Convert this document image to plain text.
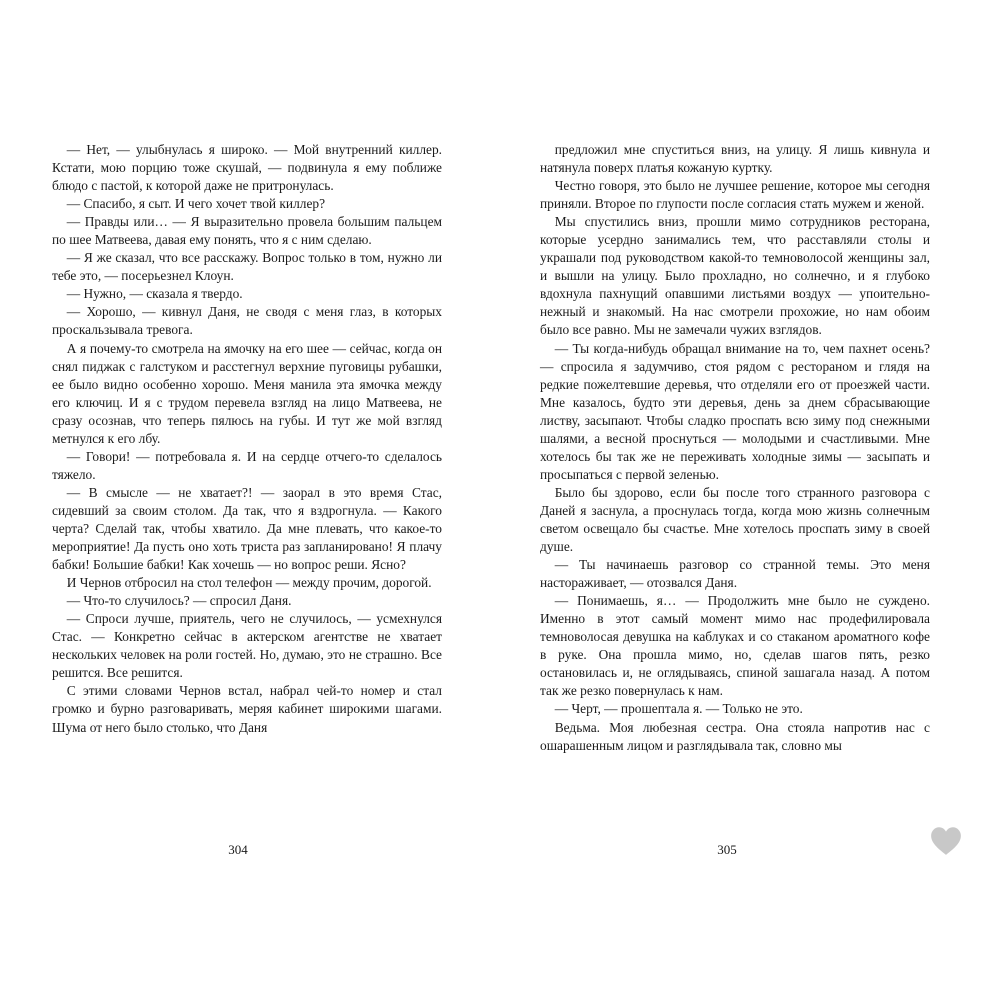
— Нет, — улыбнулась я широко. — Мой внутренний киллер. Кстати, мою порцию тоже скушай, — подвинула я ему поближе блюдо с пастой, к которой даже не притронулась.

— Спасибо, я сыт. И чего хочет твой киллер?

— Правды или… — Я выразительно провела большим пальцем по шее Матвеева, давая ему понять, что я с ним сделаю.

— Я же сказал, что все расскажу. Вопрос только в том, нужно ли тебе это, — посерьезнел Клоун.

— Нужно, — сказала я твердо.

— Хорошо, — кивнул Даня, не сводя с меня глаз, в которых проскальзывала тревога.

А я почему-то смотрела на ямочку на его шее — сейчас, когда он снял пиджак с галстуком и расстегнул верхние пуговицы рубашки, ее было видно особенно хорошо. Меня манила эта ямочка между его ключиц. И я с трудом перевела взгляд на лицо Матвеева, не сразу осознав, что теперь пялюсь на губы. И тут же мой взгляд метнулся к его лбу.

— Говори! — потребовала я. И на сердце отчего-то сделалось тяжело.

— В смысле — не хватает?! — заорал в это время Стас, сидевший за своим столом. Да так, что я вздрогнула. — Какого черта? Сделай так, чтобы хватило. Да мне плевать, что какое-то мероприятие! Да пусть оно хоть триста раз запланировано! Я плачу бабки! Большие бабки! Как хочешь — но вопрос реши. Ясно?

И Чернов отбросил на стол телефон — между прочим, дорогой.

— Что-то случилось? — спросил Даня.

— Спроси лучше, приятель, чего не случилось, — усмехнулся Стас. — Конкретно сейчас в актерском агентстве не хватает нескольких человек на роли гостей. Но, думаю, это не страшно. Все решится. Все решится.

С этими словами Чернов встал, набрал чей-то номер и стал громко и бурно разговаривать, меряя кабинет широкими шагами. Шума от него было столько, что Даня

304

предложил мне спуститься вниз, на улицу. Я лишь кивнула и натянула поверх платья кожаную куртку.

Честно говоря, это было не лучшее решение, которое мы сегодня приняли. Второе по глупости после согласия стать мужем и женой.

Мы спустились вниз, прошли мимо сотрудников ресторана, которые усердно занимались тем, что расставляли столы и украшали под руководством какой-то темноволосой женщины зал, и вышли на улицу. Было прохладно, но солнечно, и я глубоко вдохнула пахнущий опавшими листьями воздух — упоительно-нежный и знакомый. На нас смотрели прохожие, но нам обоим было все равно. Мы не замечали чужих взглядов.

— Ты когда-нибудь обращал внимание на то, чем пахнет осень? — спросила я задумчиво, стоя рядом с рестораном и глядя на редкие пожелтевшие деревья, что отделяли его от проезжей части. Мне казалось, будто эти деревья, день за днем сбрасывающие листву, засыпают. Чтобы сладко проспать всю зиму под снежными шалями, а весной проснуться — молодыми и счастливыми. Мне хотелось бы так же не переживать холодные зимы — засыпать и просыпаться с первой зеленью.

Было бы здорово, если бы после того странного разговора с Даней я заснула, а проснулась тогда, когда мою жизнь солнечным светом освещало бы счастье. Мне хотелось проспать зиму в своей душе.

— Ты начинаешь разговор со странной темы. Это меня настораживает, — отозвался Даня.

— Понимаешь, я… — Продолжить мне было не суждено. Именно в этот самый момент мимо нас продефилировала темноволосая девушка на каблуках и со стаканом ароматного кофе в руке. Она прошла мимо, но, сделав шагов пять, резко остановилась и, не оглядываясь, спиной зашагала назад. А потом так же резко повернулась к нам.

— Черт, — прошептала я. — Только не это.

Ведьма. Моя любезная сестра. Она стояла напротив нас с ошарашенным лицом и разглядывала так, словно мы

305
